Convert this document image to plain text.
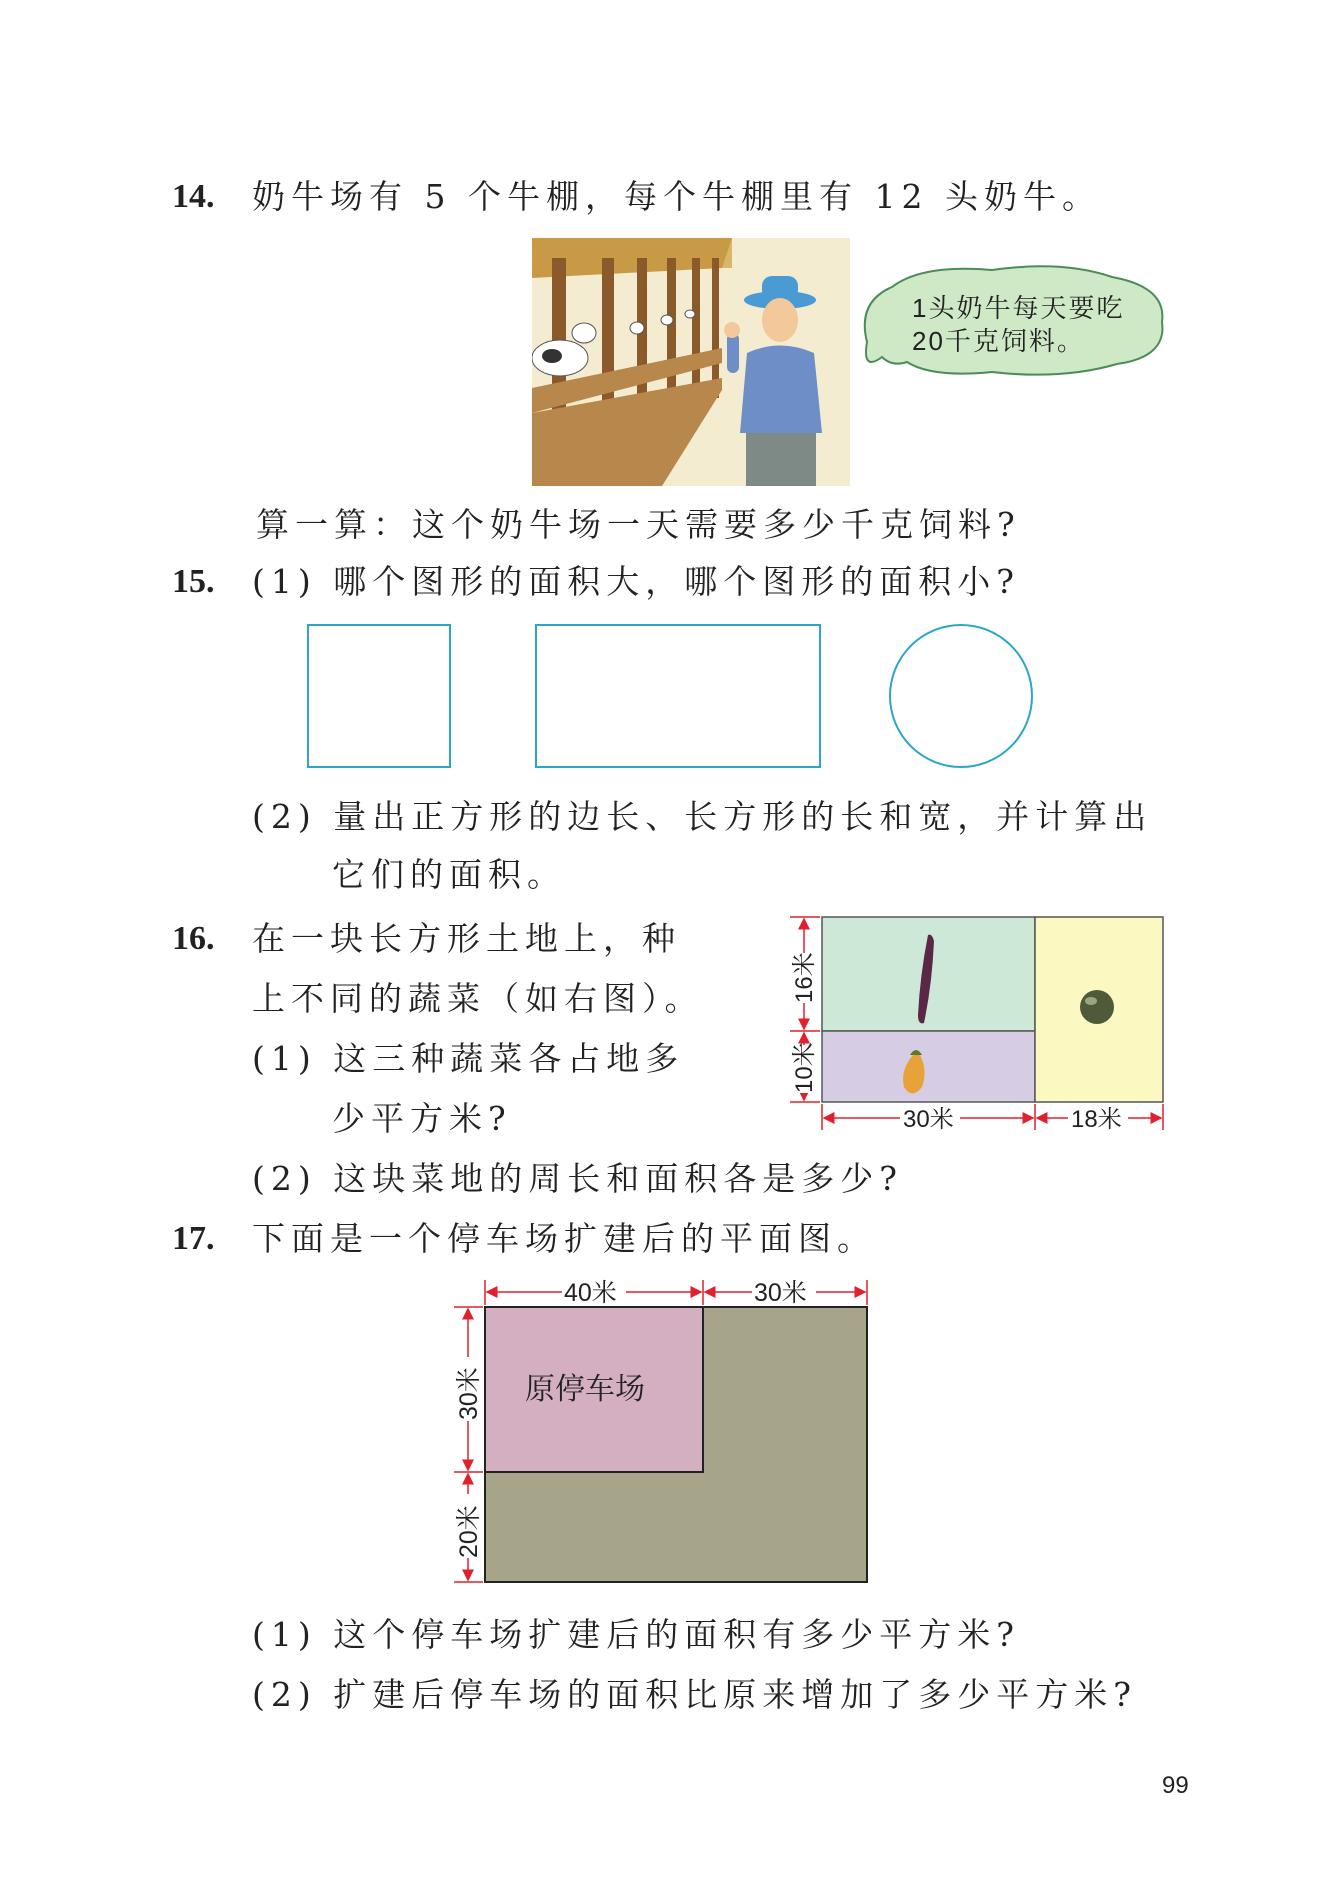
14. 奶牛场有 5 个牛棚，每个牛棚里有 12 头奶牛。
1头奶牛每天要吃
20千克饲料。
算一算：这个奶牛场一天需要多少千克饲料?
15. (1) 哪个图形的面积大，哪个图形的面积小?
(2) 量出正方形的边长、长方形的长和宽，并计算出
它们的面积。
16. 在一块长方形土地上，种
上不同的蔬菜（如右图）。
(1) 这三种蔬菜各占地多
少平方米?
16米
10米
30米	18米
(2) 这块菜地的周长和面积各是多少?
17. 下面是一个停车场扩建后的平面图。
原停车场
40米	30米
30米
20米
(1) 这个停车场扩建后的面积有多少平方米?
(2) 扩建后停车场的面积比原来增加了多少平方米?
99
